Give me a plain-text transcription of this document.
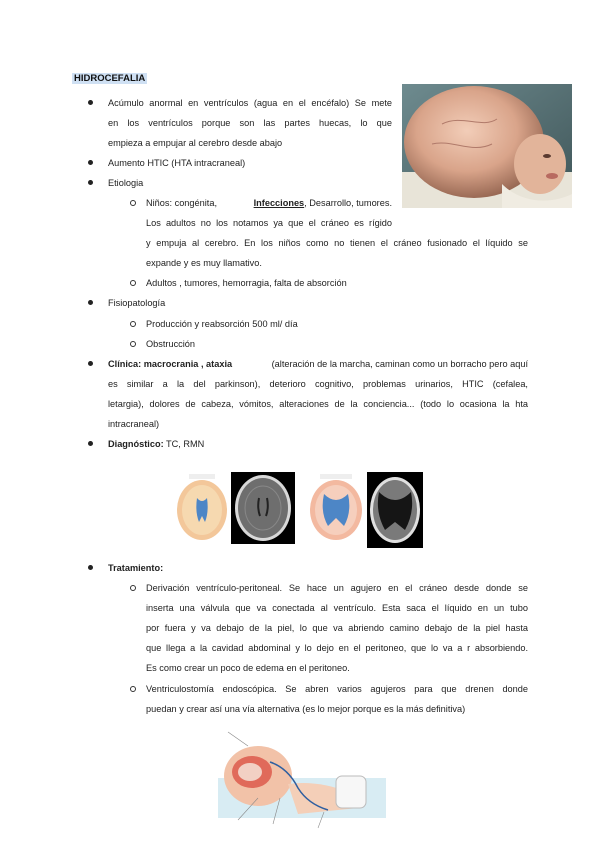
HIDROCEFALIA
Acúmulo anormal en ventrículos (agua en el encéfalo) Se mete
en los ventrículos porque son las partes huecas, lo que
empieza a empujar al cerebro desde abajo
Aumento HTIC (HTA intracraneal)
Etiologia
Niños: congénita,	Infecciones, Desarrollo, tumores.
Los adultos no los notamos ya que el cráneo es rígido
y empuja al cerebro. En los niños como no tienen el cráneo fusionado el líquido se
expande y es muy llamativo.
Adultos , tumores, hemorragia, falta de absorción
Fisiopatología
Producción y reabsorción 500 ml/ día
Obstrucción
Clínica: macrocrania , ataxia	(alteración de la marcha, caminan como un borracho pero aquí
es similar a la del parkinson), deterioro cognitivo, problemas urinarios, HTIC (cefalea,
letargia), dolores de cabeza, vómitos, alteraciones de la conciencia... (todo lo ocasiona la hta
intracraneal)
Diagnóstico: TC, RMN
Tratamiento:
Derivación ventrículo-peritoneal. Se hace un agujero en el cráneo desde donde se
inserta una válvula que va conectada al ventrículo. Esta saca el líquido en un tubo
por fuera y va debajo de la piel, lo que va abriendo camino debajo de la piel hasta
que llega a la cavidad abdominal y lo dejo en el peritoneo, que lo va a r absorbiendo.
Es como crear un poco de edema en el peritoneo.
Ventriculostomía endoscópica. Se abren varios agujeros para que drenen donde
puedan y crear así una vía alternativa (es lo mejor porque es la más definitiva)
